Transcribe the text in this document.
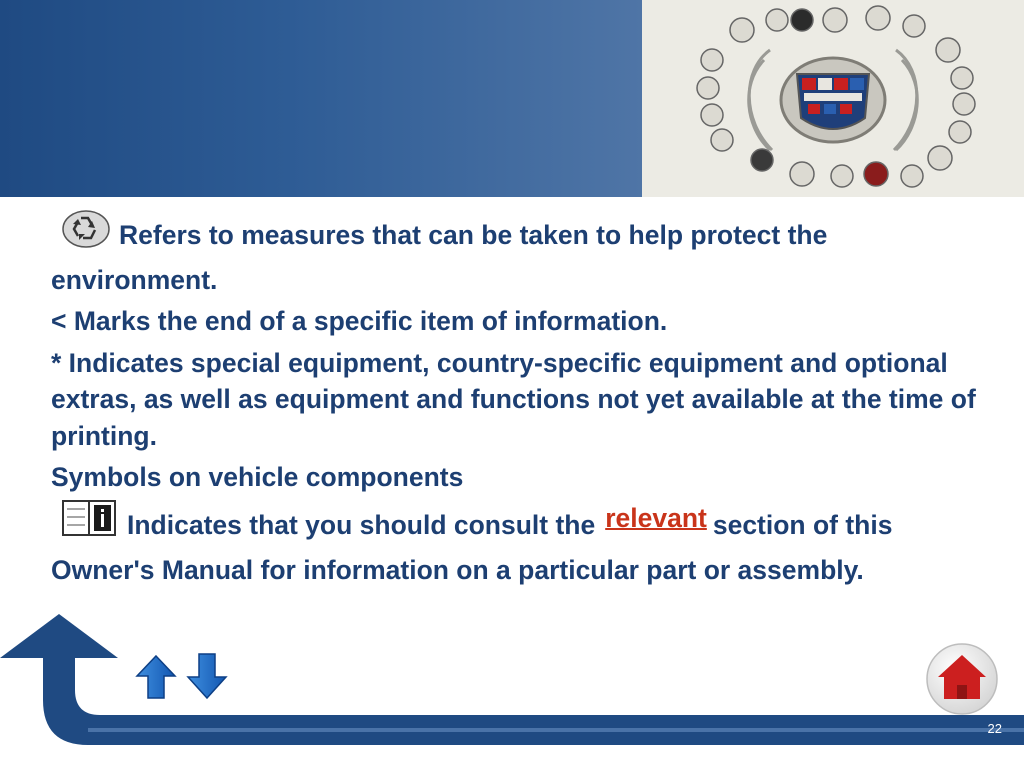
Refers to measures that can be taken to help protect the environment.

< Marks the end of a specific item of information.

* Indicates special equipment, country-specific equipment and optional extras, as well as equipment and functions not yet available at the time of printing.

Symbols on vehicle components

Indicates that you should consult the relevant section of this Owner's Manual for information on a particular part or assembly.

22
